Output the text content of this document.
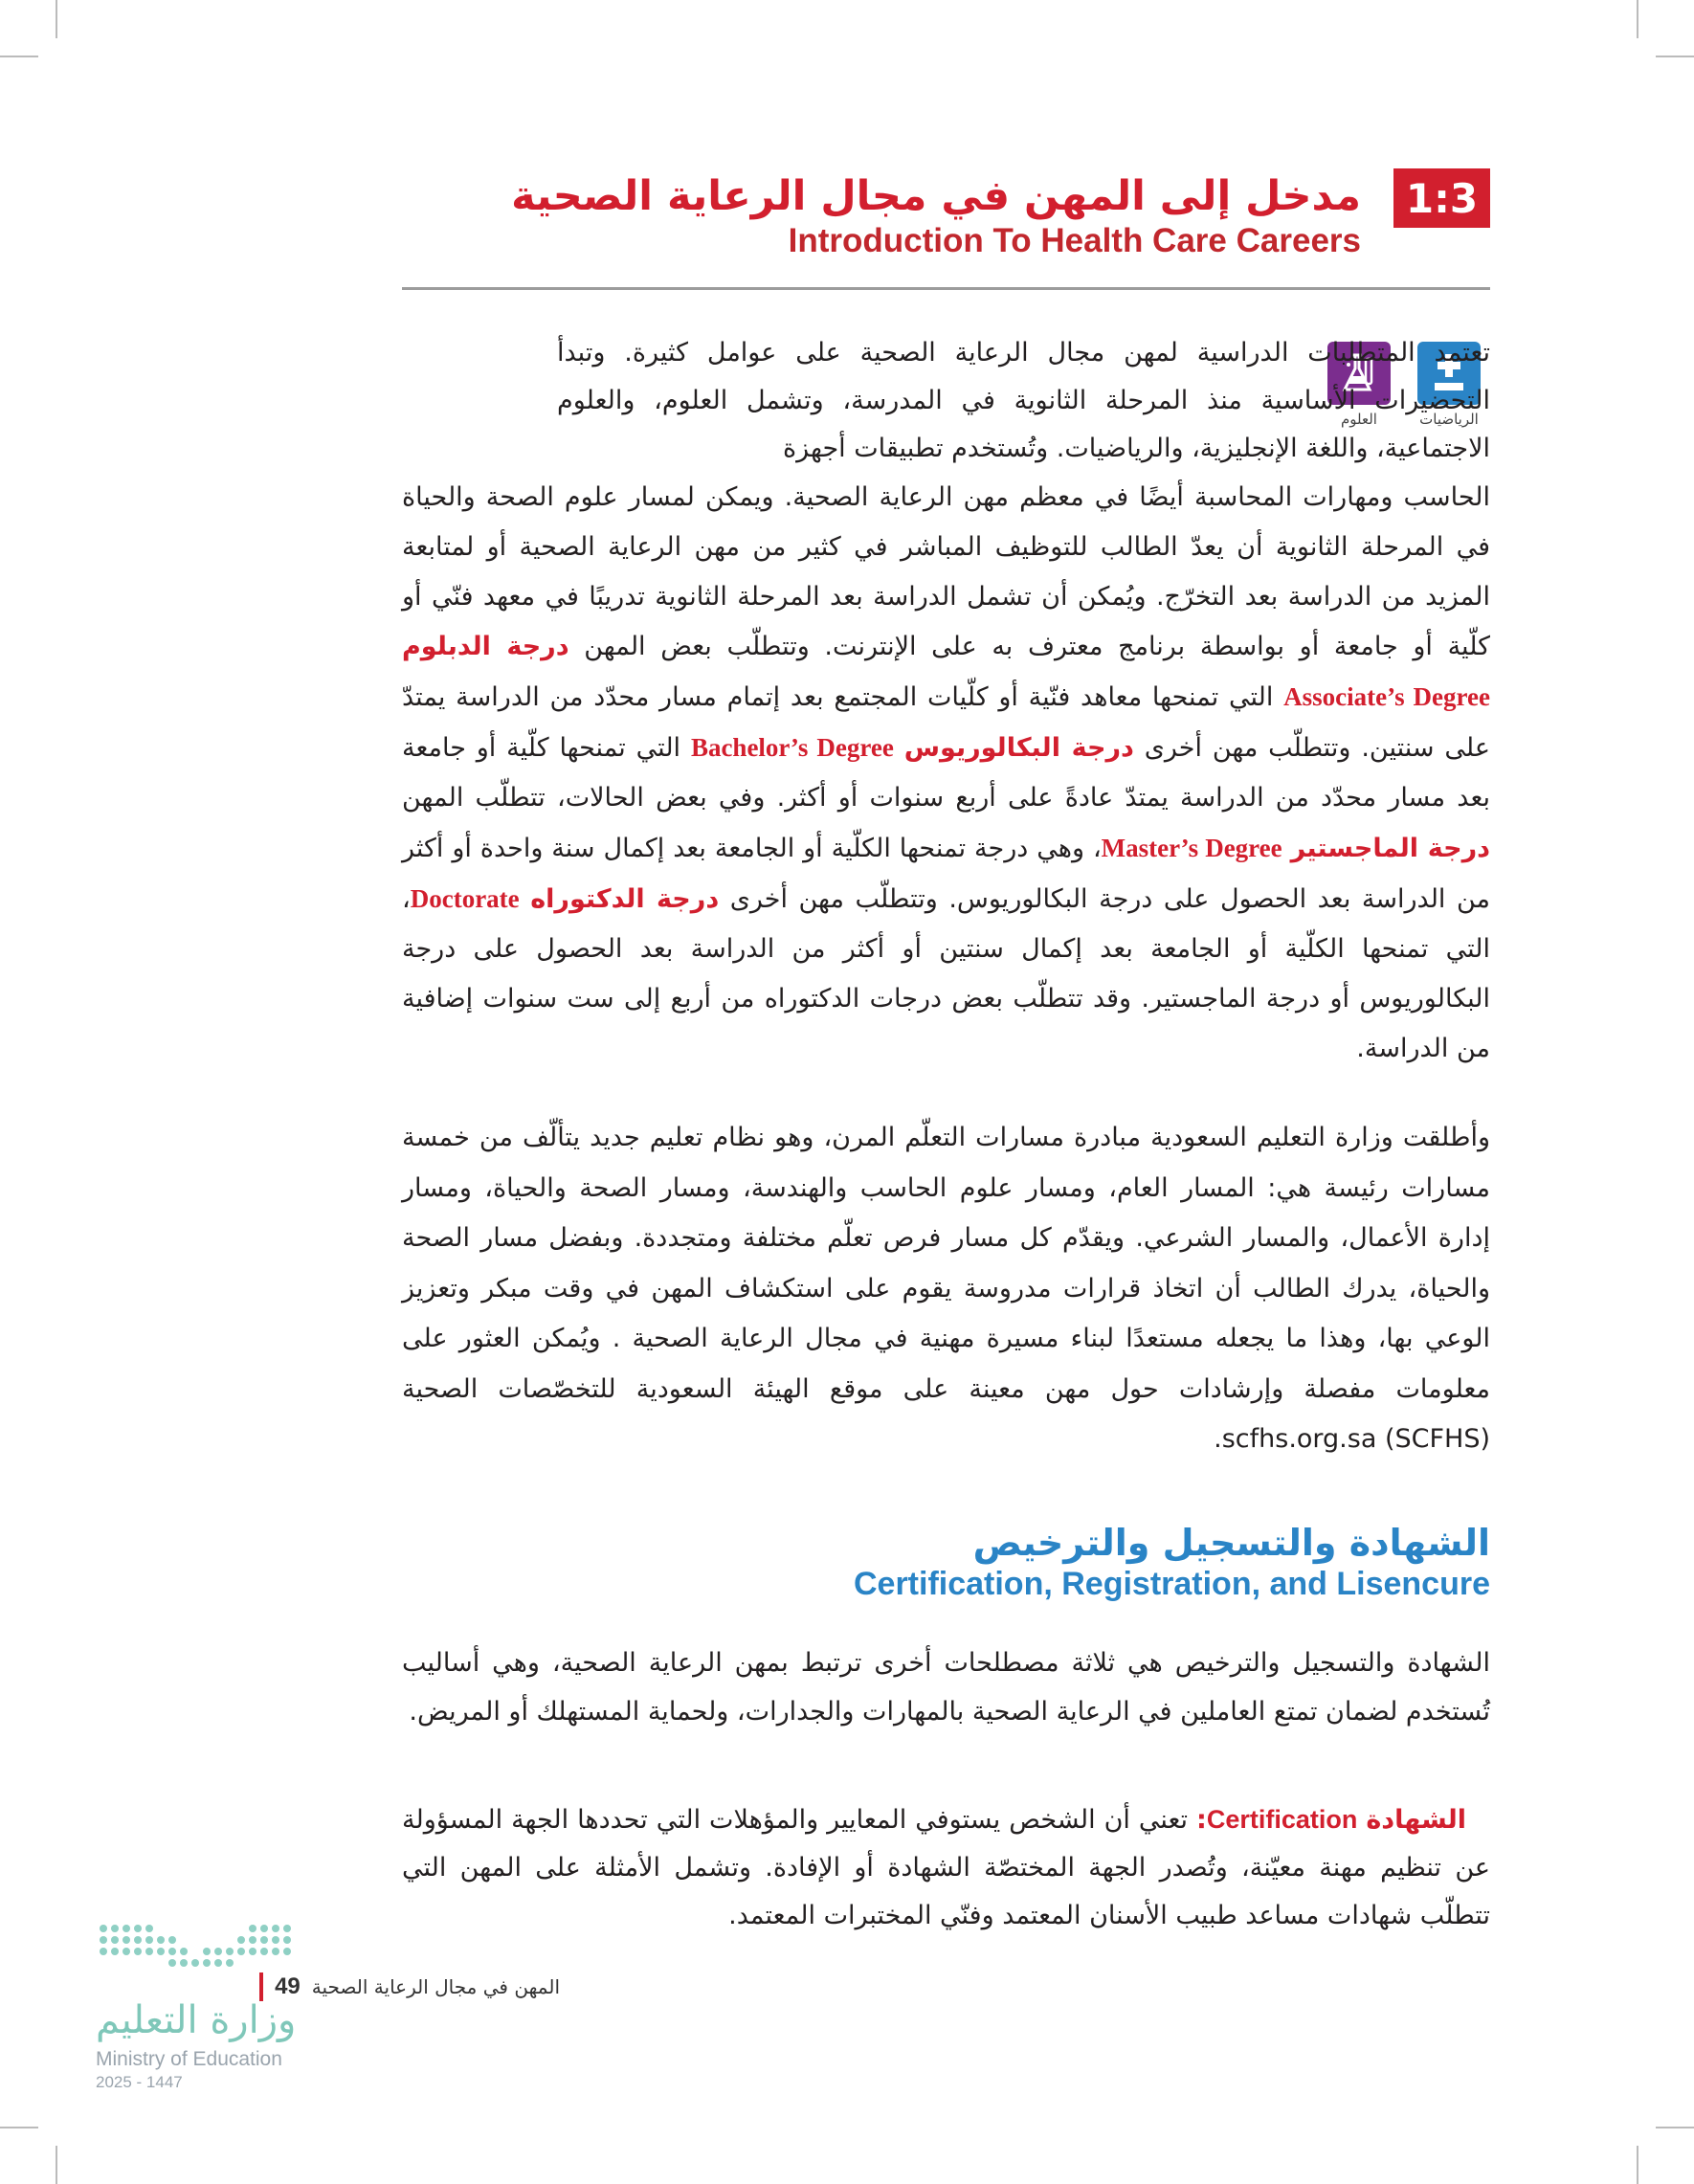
1:3
مدخل إلى المهن في مجال الرعاية الصحية
Introduction To Health Care Careers
الرياضيات
العلوم
تعتمد المتطلبات الدراسية لمهن مجال الرعاية الصحية على عوامل كثيرة. وتبدأ التحضيرات الأساسية منذ المرحلة الثانوية في المدرسة، وتشمل العلوم، والعلوم الاجتماعية، واللغة الإنجليزية، والرياضيات. وتُستخدم تطبيقات أجهزة
الحاسب ومهارات المحاسبة أيضًا في معظم مهن الرعاية الصحية. ويمكن لمسار علوم الصحة والحياة في المرحلة الثانوية أن يعدّ الطالب للتوظيف المباشر في كثير من مهن الرعاية الصحية أو لمتابعة المزيد من الدراسة بعد التخرّج. ويُمكن أن تشمل الدراسة بعد المرحلة الثانوية تدريبًا في معهد فنّي أو كلّية أو جامعة أو بواسطة برنامج معترف به على الإنترنت. وتتطلّب بعض المهن درجة الدبلوم Associate’s Degree التي تمنحها معاهد فنّية أو كلّيات المجتمع بعد إتمام مسار محدّد من الدراسة يمتدّ على سنتين. وتتطلّب مهن أخرى درجة البكالوريوس Bachelor’s Degree التي تمنحها كلّية أو جامعة بعد مسار محدّد من الدراسة يمتدّ عادةً على أربع سنوات أو أكثر. وفي بعض الحالات، تتطلّب المهن درجة الماجستير Master’s Degree، وهي درجة تمنحها الكلّية أو الجامعة بعد إكمال سنة واحدة أو أكثر من الدراسة بعد الحصول على درجة البكالوريوس. وتتطلّب مهن أخرى درجة الدكتوراه Doctorate، التي تمنحها الكلّية أو الجامعة بعد إكمال سنتين أو أكثر من الدراسة بعد الحصول على درجة البكالوريوس أو درجة الماجستير. وقد تتطلّب بعض درجات الدكتوراه من أربع إلى ست سنوات إضافية من الدراسة.
وأطلقت وزارة التعليم السعودية مبادرة مسارات التعلّم المرن، وهو نظام تعليم جديد يتألّف من خمسة مسارات رئيسة هي: المسار العام، ومسار علوم الحاسب والهندسة، ومسار الصحة والحياة، ومسار إدارة الأعمال، والمسار الشرعي. ويقدّم كل مسار فرص تعلّم مختلفة ومتجددة. وبفضل مسار الصحة والحياة، يدرك الطالب أن اتخاذ قرارات مدروسة يقوم على استكشاف المهن في وقت مبكر وتعزيز الوعي بها، وهذا ما يجعله مستعدًا لبناء مسيرة مهنية في مجال الرعاية الصحية . ويُمكن العثور على معلومات مفصلة وإرشادات حول مهن معينة على موقع الهيئة السعودية للتخصّصات الصحية scfhs.org.sa (SCFHS).
الشهادة والتسجيل والترخيص
Certification, Registration, and Lisencure
الشهادة والتسجيل والترخيص هي ثلاثة مصطلحات أخرى ترتبط بمهن الرعاية الصحية، وهي أساليب تُستخدم لضمان تمتع العاملين في الرعاية الصحية بالمهارات والجدارات، ولحماية المستهلك أو المريض.
الشهادة Certification: تعني أن الشخص يستوفي المعايير والمؤهلات التي تحددها الجهة المسؤولة عن تنظيم مهنة معيّنة، وتُصدر الجهة المختصّة الشهادة أو الإفادة. وتشمل الأمثلة على المهن التي تتطلّب شهادات مساعد طبيب الأسنان المعتمد وفنّي المختبرات المعتمد.
المهن في مجال الرعاية الصحية
49
وزارة التعليم
Ministry of Education
2025 - 1447
